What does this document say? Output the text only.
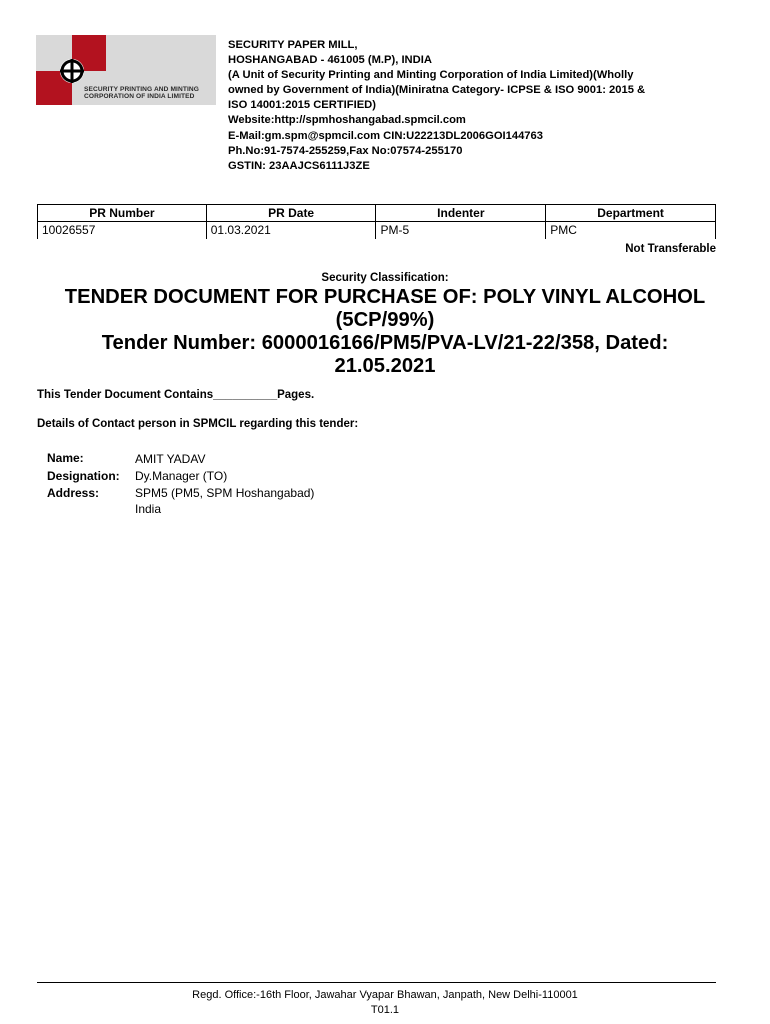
SECURITY PRINTING AND MINTING
CORPORATION OF INDIA LIMITED
SECURITY PAPER MILL,
HOSHANGABAD - 461005 (M.P), INDIA
(A Unit of Security Printing and Minting Corporation of India Limited)(Wholly
owned by Government of India)(Miniratna Category- ICPSE & ISO 9001: 2015 &
ISO 14001:2015 CERTIFIED)
Website:http://spmhoshangabad.spmcil.com
E-Mail:gm.spm@spmcil.com CIN:U22213DL2006GOI144763
Ph.No:91-7574-255259,Fax No:07574-255170
GSTIN: 23AAJCS6111J3ZE
PR Number	PR Date	Indenter	Department
10026557	01.03.2021	PM-5	PMC
Not Transferable
Security Classification:
TENDER DOCUMENT FOR PURCHASE OF: POLY VINYL ALCOHOL
(5CP/99%)
Tender Number: 6000016166/PM5/PVA-LV/21-22/358, Dated:
21.05.2021
This Tender Document Contains__________Pages.
Details of Contact person in SPMCIL regarding this tender:
Name:	AMIT YADAV
Designation: Dy.Manager (TO)
Address:	SPM5 (PM5, SPM Hoshangabad)
India
Regd. Office:-16th Floor, Jawahar Vyapar Bhawan, Janpath, New Delhi-110001
T01.1
